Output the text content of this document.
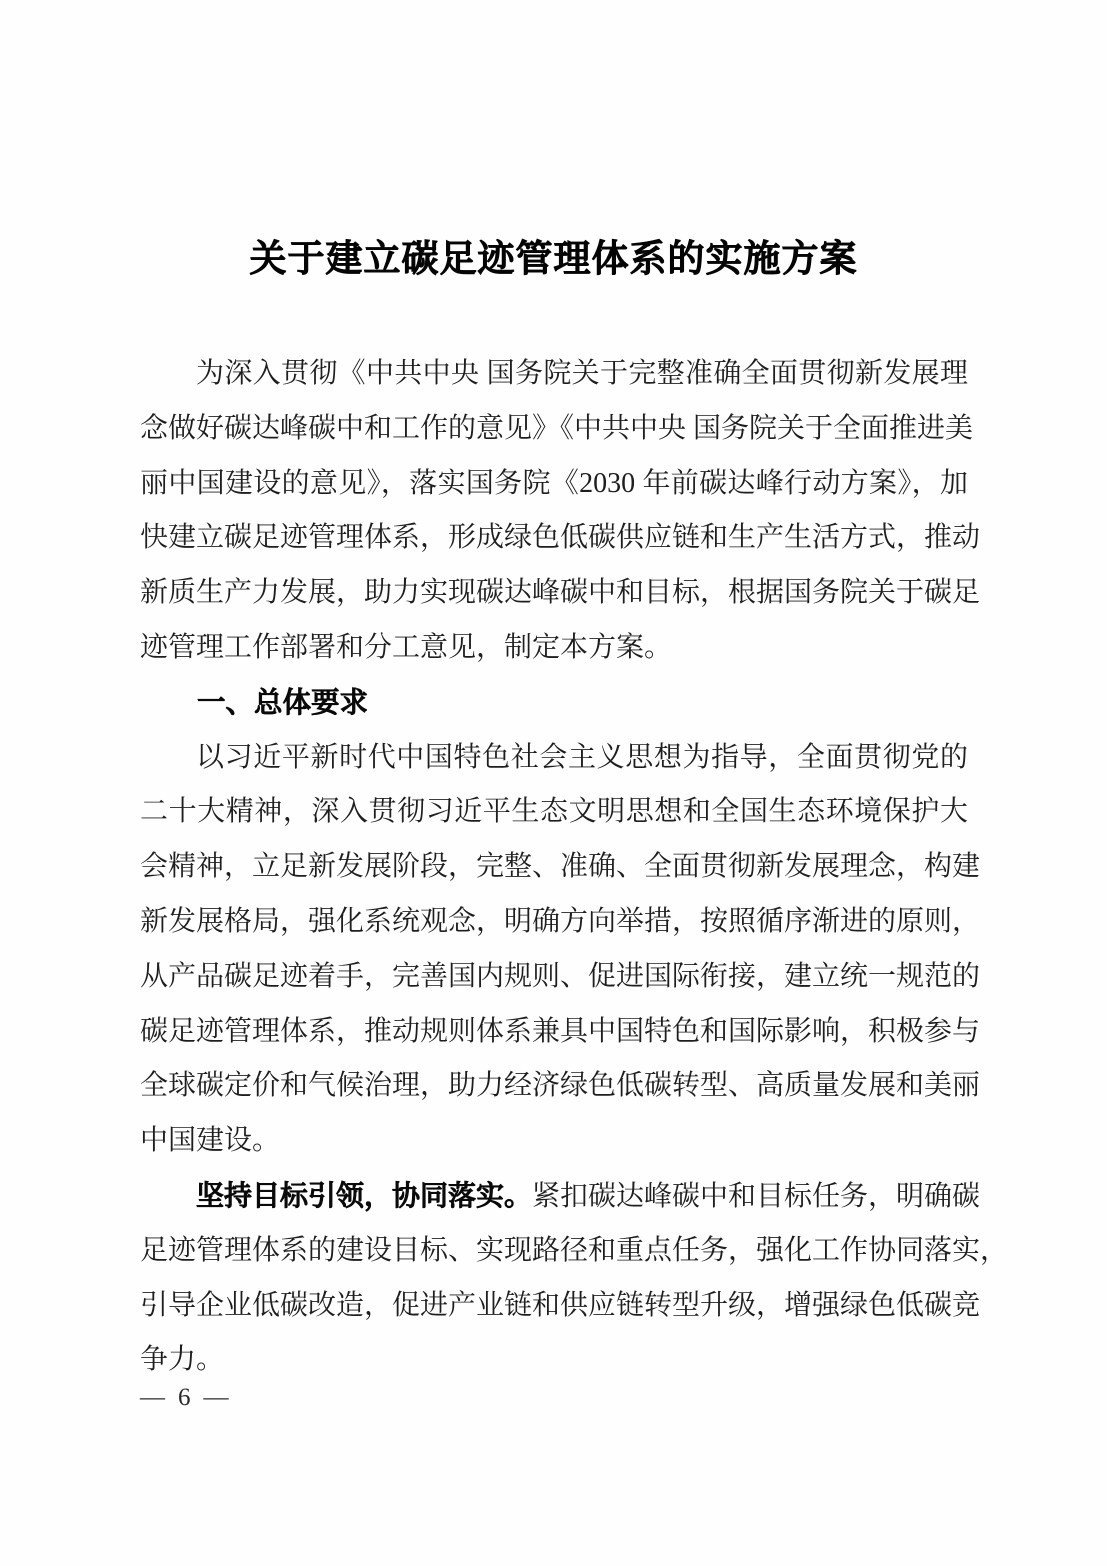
关于建立碳足迹管理体系的实施方案
为深入贯彻《中共中央 国务院关于完整准确全面贯彻新发展理
念做好碳达峰碳中和工作的意见》《中共中央 国务院关于全面推进美
丽中国建设的意见》，落实国务院《2030 年前碳达峰行动方案》，加
快建立碳足迹管理体系，形成绿色低碳供应链和生产生活方式，推动
新质生产力发展，助力实现碳达峰碳中和目标，根据国务院关于碳足
迹管理工作部署和分工意见，制定本方案。
一、总体要求
以习近平新时代中国特色社会主义思想为指导，全面贯彻党的
二十大精神，深入贯彻习近平生态文明思想和全国生态环境保护大
会精神，立足新发展阶段，完整、准确、全面贯彻新发展理念，构建
新发展格局，强化系统观念，明确方向举措，按照循序渐进的原则，
从产品碳足迹着手，完善国内规则、促进国际衔接，建立统一规范的
碳足迹管理体系，推动规则体系兼具中国特色和国际影响，积极参与
全球碳定价和气候治理，助力经济绿色低碳转型、高质量发展和美丽
中国建设。
坚持目标引领，协同落实。紧扣碳达峰碳中和目标任务，明确碳
足迹管理体系的建设目标、实现路径和重点任务，强化工作协同落实，
引导企业低碳改造，促进产业链和供应链转型升级，增强绿色低碳竞
争力。
— 6 —
